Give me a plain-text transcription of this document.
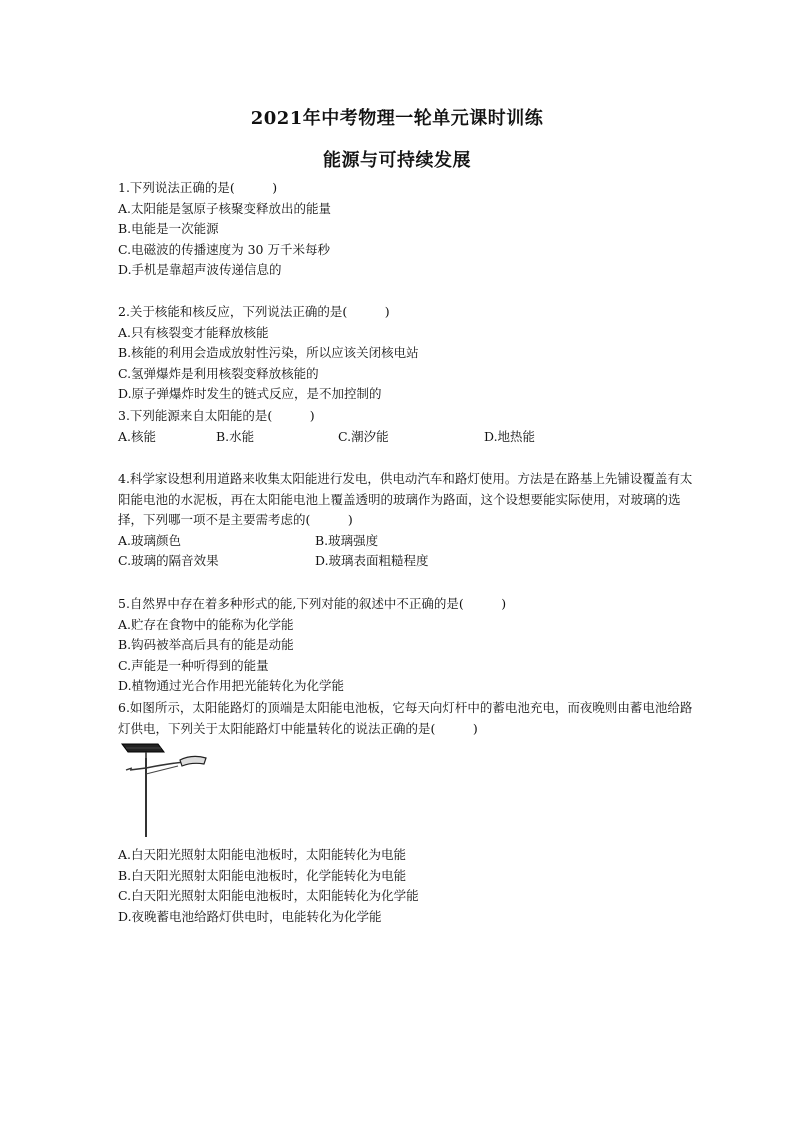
2021年中考物理一轮单元课时训练
能源与可持续发展
1.下列说法正确的是(　　　)
A.太阳能是氢原子核聚变释放出的能量
B.电能是一次能源
C.电磁波的传播速度为 30 万千米每秒
D.手机是靠超声波传递信息的
2.关于核能和核反应，下列说法正确的是(　　　)
A.只有核裂变才能释放核能
B.核能的利用会造成放射性污染，所以应该关闭核电站
C.氢弹爆炸是利用核裂变释放核能的
D.原子弹爆炸时发生的链式反应，是不加控制的
3.下列能源来自太阳能的是(　　　)
A.核能	B.水能	C.潮汐能	D.地热能
4.科学家设想利用道路来收集太阳能进行发电，供电动汽车和路灯使用。方法是在路基上先铺设覆盖有太阳能电池的水泥板，再在太阳能电池上覆盖透明的玻璃作为路面，这个设想要能实际使用，对玻璃的选择，下列哪一项不是主要需考虑的(　　　)
A.玻璃颜色	B.玻璃强度
C.玻璃的隔音效果	D.玻璃表面粗糙程度
5.自然界中存在着多种形式的能,下列对能的叙述中不正确的是(　　　)
A.贮存在食物中的能称为化学能
B.钩码被举高后具有的能是动能
C.声能是一种听得到的能量
D.植物通过光合作用把光能转化为化学能
6.如图所示，太阳能路灯的顶端是太阳能电池板，它每天向灯杆中的蓄电池充电，而夜晚则由蓄电池给路灯供电，下列关于太阳能路灯中能量转化的说法正确的是(　　　)
A.白天阳光照射太阳能电池板时，太阳能转化为电能
B.白天阳光照射太阳能电池板时，化学能转化为电能
C.白天阳光照射太阳能电池板时，太阳能转化为化学能
D.夜晚蓄电池给路灯供电时，电能转化为化学能
